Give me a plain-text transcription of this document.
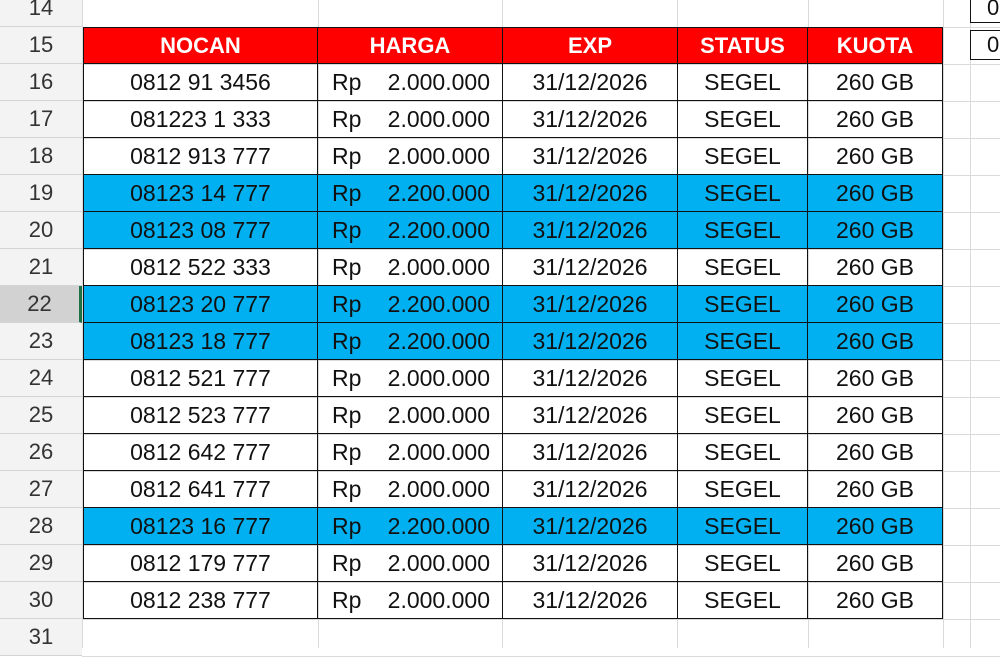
14
15
16
17
18
19
20
21
22
23
24
25
26
27
28
29
30
31
0
0
NOCAN	HARGA	EXP	STATUS	KUOTA
0812 91 3456	Rp 2.000.000	31/12/2026	SEGEL	260 GB
081223 1 333	Rp 2.000.000	31/12/2026	SEGEL	260 GB
0812 913 777	Rp 2.000.000	31/12/2026	SEGEL	260 GB
08123 14 777	Rp 2.200.000	31/12/2026	SEGEL	260 GB
08123 08 777	Rp 2.200.000	31/12/2026	SEGEL	260 GB
0812 522 333	Rp 2.000.000	31/12/2026	SEGEL	260 GB
08123 20 777	Rp 2.200.000	31/12/2026	SEGEL	260 GB
08123 18 777	Rp 2.200.000	31/12/2026	SEGEL	260 GB
0812 521 777	Rp 2.000.000	31/12/2026	SEGEL	260 GB
0812 523 777	Rp 2.000.000	31/12/2026	SEGEL	260 GB
0812 642 777	Rp 2.000.000	31/12/2026	SEGEL	260 GB
0812 641 777	Rp 2.000.000	31/12/2026	SEGEL	260 GB
08123 16 777	Rp 2.200.000	31/12/2026	SEGEL	260 GB
0812 179 777	Rp 2.000.000	31/12/2026	SEGEL	260 GB
0812 238 777	Rp 2.000.000	31/12/2026	SEGEL	260 GB
